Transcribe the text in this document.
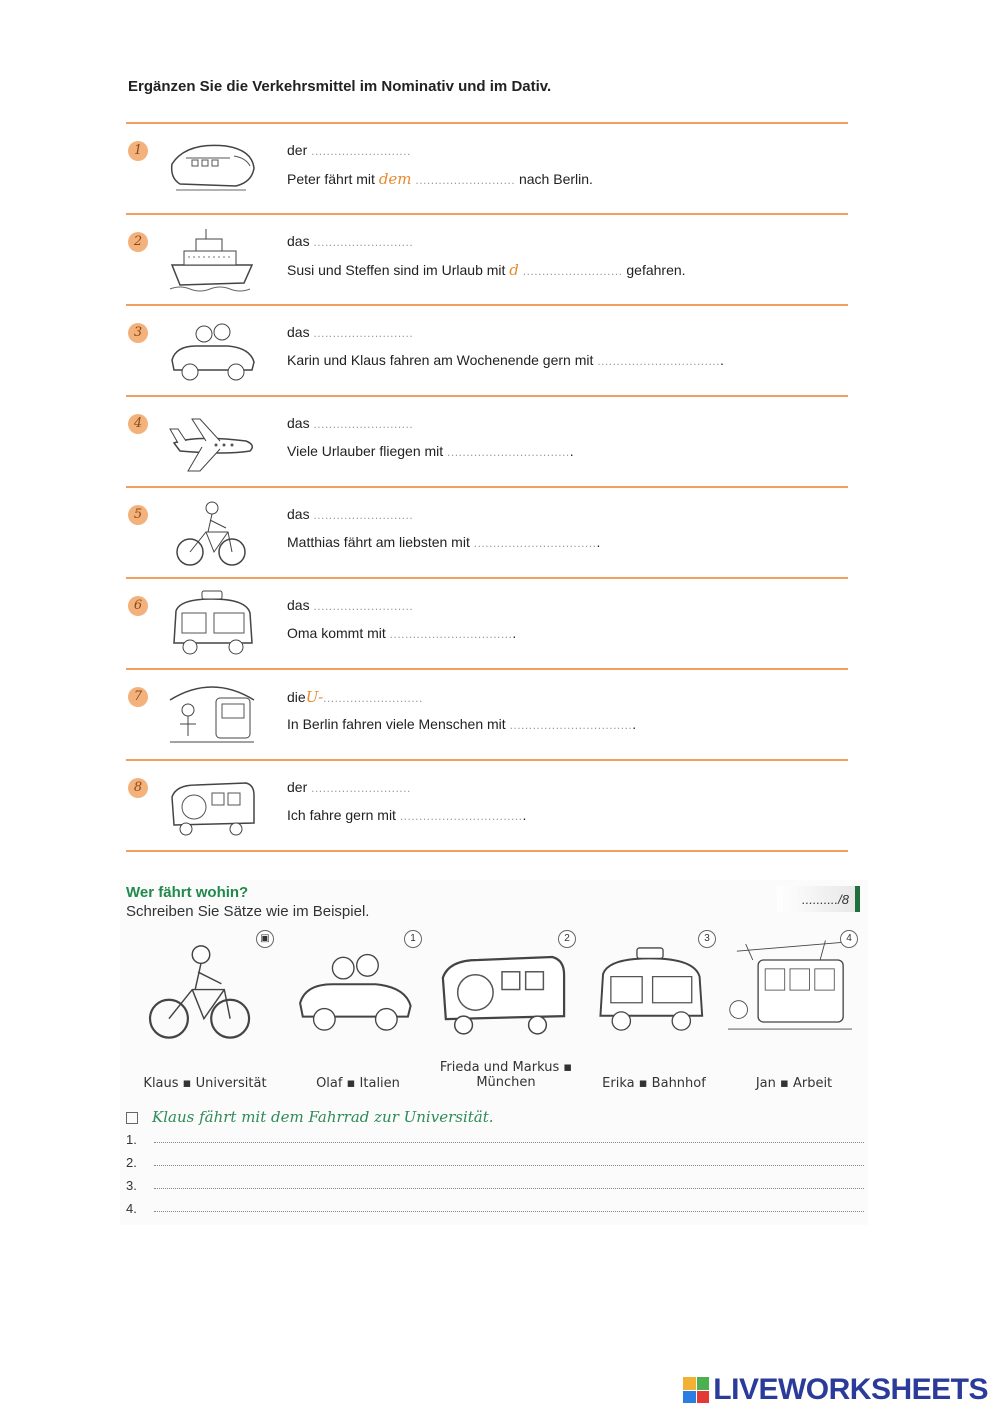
Ergänzen Sie die Verkehrsmittel im Nominativ und im Dativ.
1	der ..........................
Peter fährt mit dem .......................... nach Berlin.
2	das ..........................
Susi und Steffen sind im Urlaub mit d .......................... gefahren.
3	das ..........................
Karin und Klaus fahren am Wochenende gern mit .................................
4	das ..........................
Viele Urlauber fliegen mit .................................
5	das ..........................
Matthias fährt am liebsten mit .................................
6	das ..........................
Oma kommt mit .................................
7	dieU-..........................
In Berlin fahren viele Menschen mit .................................
8	der ..........................
Ich fahre gern mit .................................
Wer fährt wohin?
Schreiben Sie Sätze wie im Beispiel.
........../8
▣
Klaus ▪ Universität
1
Olaf ▪ Italien
2
Frieda und Markus ▪ München
3
Erika ▪ Bahnhof
4
Jan ▪ Arbeit
Klaus fährt mit dem Fahrrad zur Universität.
1.
2.
3.
4.
LIVEWORKSHEETS
